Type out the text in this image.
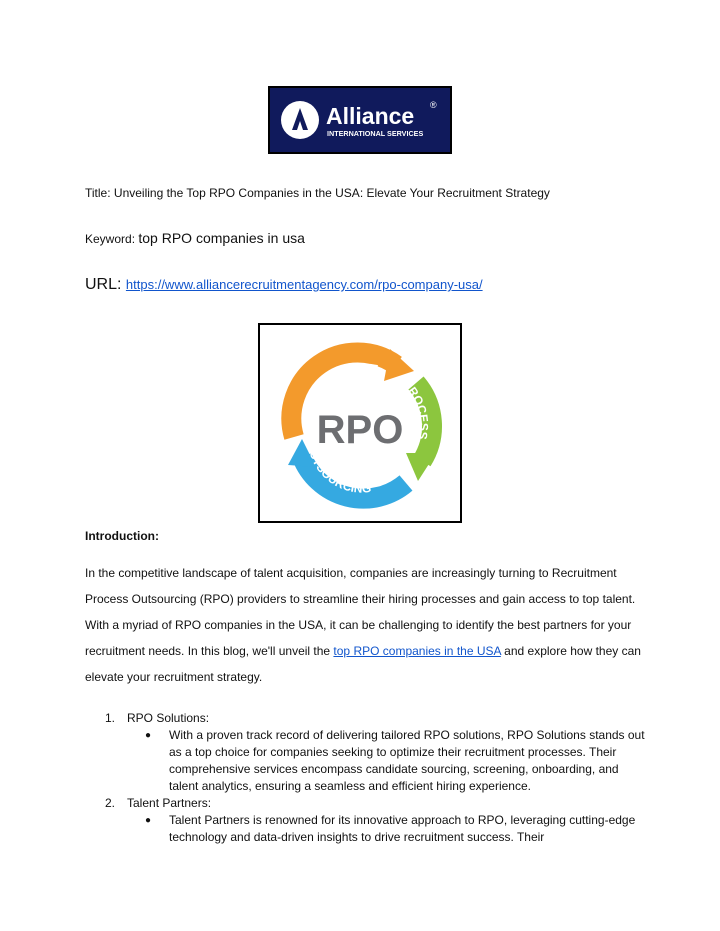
Alliance ®
INTERNATIONAL SERVICES
Title: Unveiling the Top RPO Companies in the USA: Elevate Your Recruitment Strategy
Keyword: top RPO companies in usa
URL: https://www.alliancerecruitmentagency.com/rpo-company-usa/
RECRUITMENT
PROCESS
OUTSOURCING
RPO
Introduction:
In the competitive landscape of talent acquisition, companies are increasingly turning to Recruitment Process Outsourcing (RPO) providers to streamline their hiring processes and gain access to top talent. With a myriad of RPO companies in the USA, it can be challenging to identify the best partners for your recruitment needs. In this blog, we'll unveil the top RPO companies in the USA and explore how they can elevate your recruitment strategy.
1. RPO Solutions:
● With a proven track record of delivering tailored RPO solutions, RPO Solutions stands out as a top choice for companies seeking to optimize their recruitment processes. Their comprehensive services encompass candidate sourcing, screening, onboarding, and talent analytics, ensuring a seamless and efficient hiring experience.
2. Talent Partners:
● Talent Partners is renowned for its innovative approach to RPO, leveraging cutting-edge technology and data-driven insights to drive recruitment success. Their
